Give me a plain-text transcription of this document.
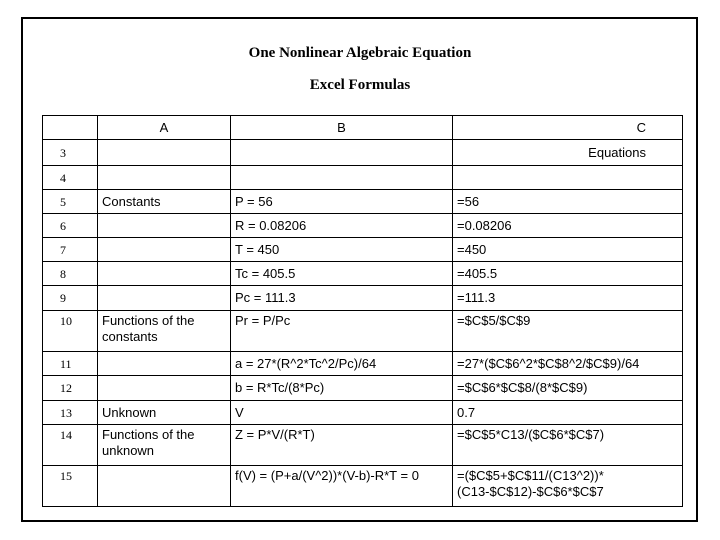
One Nonlinear Algebraic Equation
Excel Formulas
	A	B	C
3			Equations
4			
5	Constants	P = 56	=56
6		R = 0.08206	=0.08206
7		T = 450	=450
8		Tc = 405.5	=405.5
9		Pc = 111.3	=111.3
10	Functions of the constants	Pr = P/Pc	=$C$5/$C$9
11		a = 27*(R^2*Tc^2/Pc)/64	=27*($C$6^2*$C$8^2/$C$9)/64
12		b = R*Tc/(8*Pc)	=$C$6*$C$8/(8*$C$9)
13	Unknown	V	0.7
14	Functions of the unknown	Z = P*V/(R*T)	=$C$5*C13/($C$6*$C$7)
15		f(V) = (P+a/(V^2))*(V-b)-R*T = 0	=($C$5+$C$11/(C13^2))*(C13-$C$12)-$C$6*$C$7
